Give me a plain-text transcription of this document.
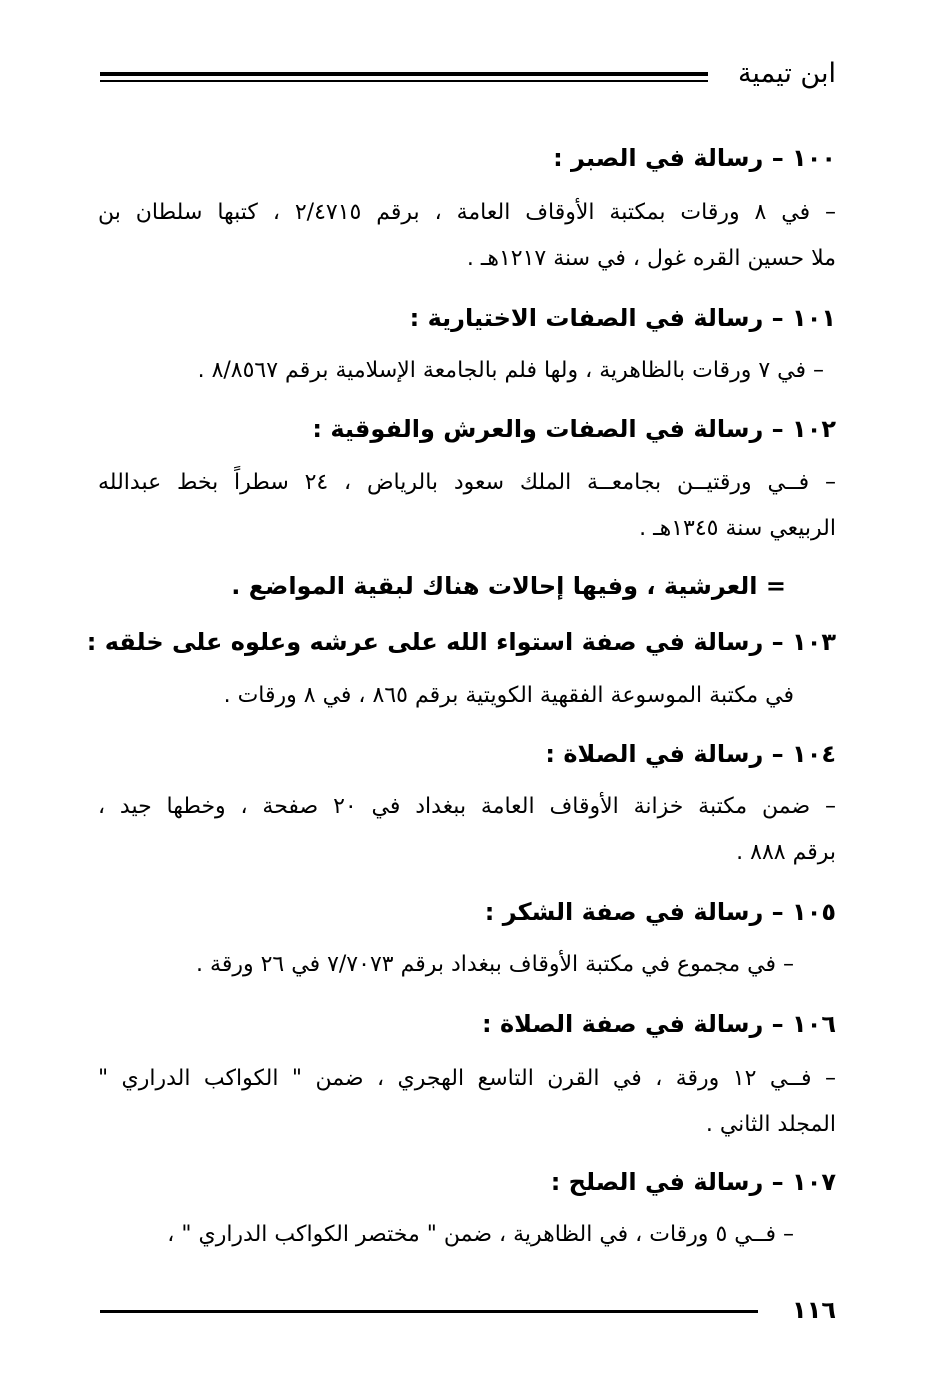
ابن تيمية
١٠٠ – رسالة في الصبر :
– في ٨ ورقات بمكتبة الأوقاف العامة ، برقم ٢/٤٧١٥ ، كتبها سلطان بن
ملا حسين القره غول ، في سنة ١٢١٧هـ .
١٠١ – رسالة في الصفات الاختيارية :
– في ٧ ورقات بالظاهرية ، ولها فلم بالجامعة الإسلامية برقم ٨/٨٥٦٧ .
١٠٢ – رسالة في الصفات والعرش والفوقية :
– فــي ورقتيــن بجامعــة الملك سعود بالرياض ، ٢٤ سطراً بخط عبدالله
الربيعي سنة ١٣٤٥هـ .
= العرشية ، وفيها إحالات هناك لبقية المواضع .
١٠٣ – رسالة في صفة استواء الله على عرشه وعلوه على خلقه :
في مكتبة الموسوعة الفقهية الكويتية برقم ٨٦٥ ، في ٨ ورقات .
١٠٤ – رسالة في الصلاة :
– ضمن مكتبة خزانة الأوقاف العامة ببغداد في ٢٠ صفحة ، وخطها جيد ،
برقم ٨٨٨ .
١٠٥ – رسالة في صفة الشكر :
– في مجموع في مكتبة الأوقاف ببغداد برقم ٧/٧٠٧٣ في ٢٦ ورقة .
١٠٦ – رسالة في صفة الصلاة :
– فــي ١٢ ورقة ، في القرن التاسع الهجري ، ضمن " الكواكب الدراري "
المجلد الثاني .
١٠٧ – رسالة في الصلح :
– فــي ٥ ورقات ، في الظاهرية ، ضمن " مختصر الكواكب الدراري " ،
١١٦
